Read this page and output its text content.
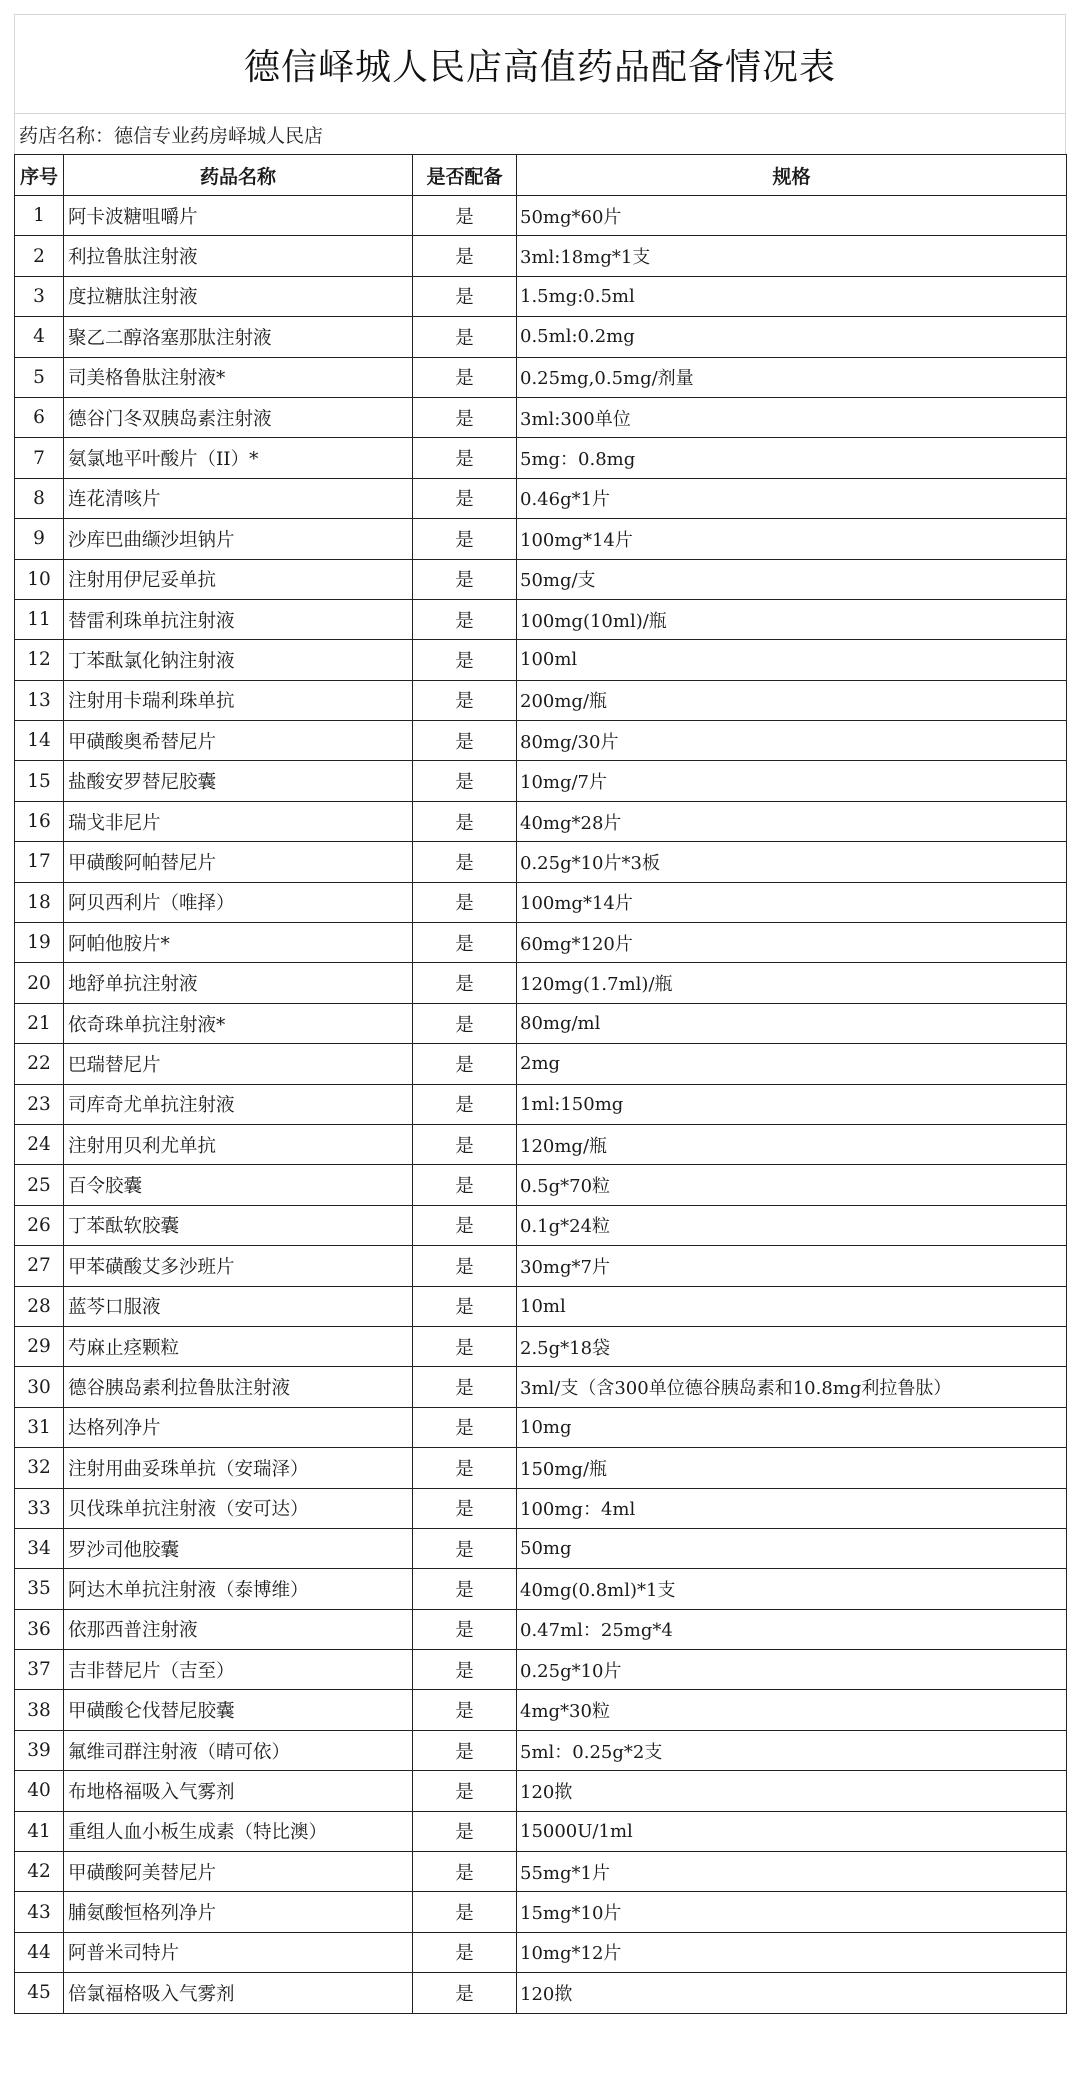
德信峄城人民店高值药品配备情况表
药店名称：德信专业药房峄城人民店
序号	药品名称	是否配备	规格
1	阿卡波糖咀嚼片	是	50mg*60片
2	利拉鲁肽注射液	是	3ml:18mg*1支
3	度拉糖肽注射液	是	1.5mg:0.5ml
4	聚乙二醇洛塞那肽注射液	是	0.5ml:0.2mg
5	司美格鲁肽注射液*	是	0.25mg,0.5mg/剂量
6	德谷门冬双胰岛素注射液	是	3ml:300单位
7	氨氯地平叶酸片（II）*	是	5mg：0.8mg
8	连花清咳片	是	0.46g*1片
9	沙库巴曲缬沙坦钠片	是	100mg*14片
10	注射用伊尼妥单抗	是	50mg/支
11	替雷利珠单抗注射液	是	100mg(10ml)/瓶
12	丁苯酞氯化钠注射液	是	100ml
13	注射用卡瑞利珠单抗	是	200mg/瓶
14	甲磺酸奥希替尼片	是	80mg/30片
15	盐酸安罗替尼胶囊	是	10mg/7片
16	瑞戈非尼片	是	40mg*28片
17	甲磺酸阿帕替尼片	是	0.25g*10片*3板
18	阿贝西利片（唯择）	是	100mg*14片
19	阿帕他胺片*	是	60mg*120片
20	地舒单抗注射液	是	120mg(1.7ml)/瓶
21	依奇珠单抗注射液*	是	80mg/ml
22	巴瑞替尼片	是	2mg
23	司库奇尤单抗注射液	是	1ml:150mg
24	注射用贝利尤单抗	是	120mg/瓶
25	百令胶囊	是	0.5g*70粒
26	丁苯酞软胶囊	是	0.1g*24粒
27	甲苯磺酸艾多沙班片	是	30mg*7片
28	蓝芩口服液	是	10ml
29	芍麻止痉颗粒	是	2.5g*18袋
30	德谷胰岛素利拉鲁肽注射液	是	3ml/支（含300单位德谷胰岛素和10.8mg利拉鲁肽）
31	达格列净片	是	10mg
32	注射用曲妥珠单抗（安瑞泽）	是	150mg/瓶
33	贝伐珠单抗注射液（安可达）	是	100mg：4ml
34	罗沙司他胶囊	是	50mg
35	阿达木单抗注射液（泰博维）	是	40mg(0.8ml)*1支
36	依那西普注射液	是	0.47ml：25mg*4
37	吉非替尼片（吉至）	是	0.25g*10片
38	甲磺酸仑伐替尼胶囊	是	4mg*30粒
39	氟维司群注射液（晴可依）	是	5ml：0.25g*2支
40	布地格福吸入气雾剂	是	120揿
41	重组人血小板生成素（特比澳）	是	15000U/1ml
42	甲磺酸阿美替尼片	是	55mg*1片
43	脯氨酸恒格列净片	是	15mg*10片
44	阿普米司特片	是	10mg*12片
45	倍氯福格吸入气雾剂	是	120揿
